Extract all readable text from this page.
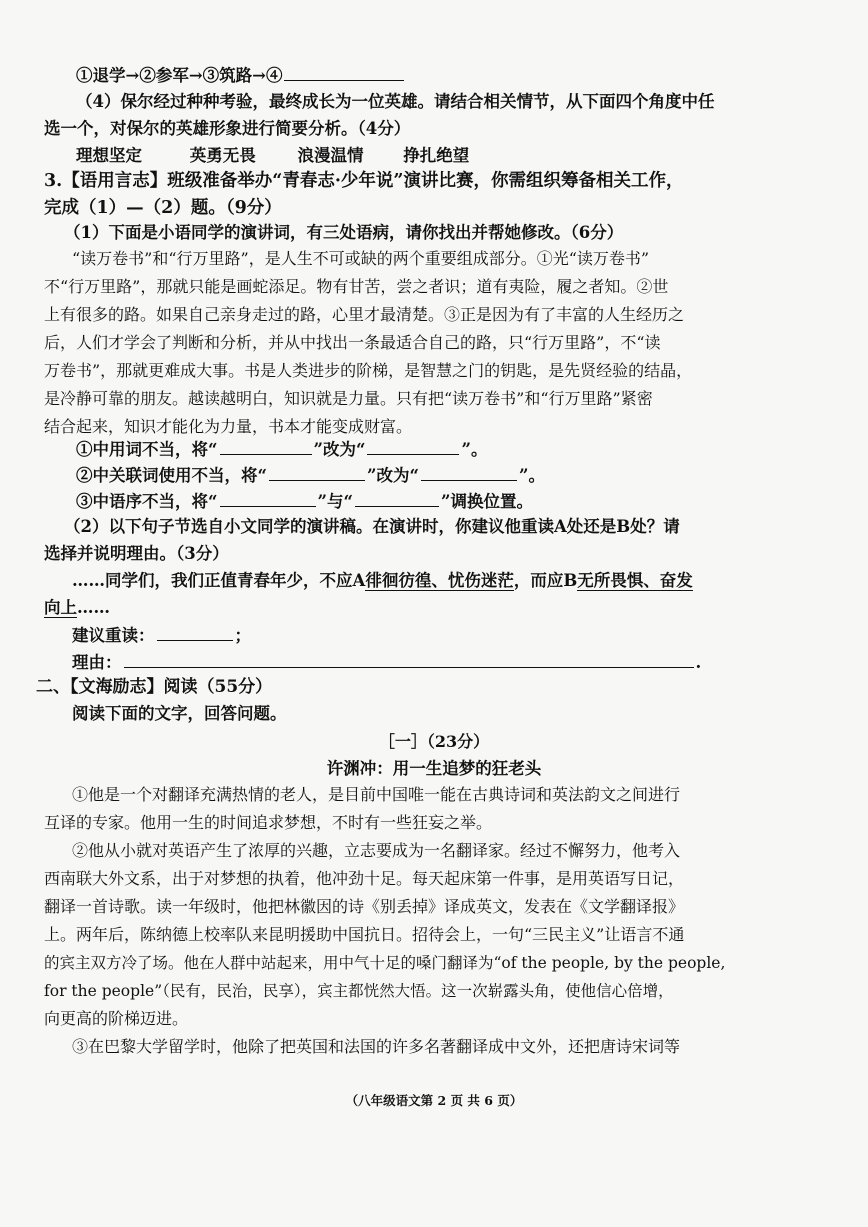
①退学→②参军→③筑路→④
（4）保尔经过种种考验，最终成长为一位英雄。请结合相关情节，从下面四个角度中任
选一个，对保尔的英雄形象进行简要分析。（4分）
理想坚定	英勇无畏	浪漫温情 挣扎绝望
3.【语用言志】班级准备举办“青春志·少年说”演讲比赛，你需组织筹备相关工作，
完成（1）—（2）题。（9分）
（1）下面是小语同学的演讲词，有三处语病，请你找出并帮她修改。（6分）
“读万卷书”和“行万里路”，是人生不可或缺的两个重要组成部分。①光“读万卷书”
不“行万里路”，那就只能是画蛇添足。物有甘苦，尝之者识；道有夷险，履之者知。②世
上有很多的路。如果自己亲身走过的路，心里才最清楚。③正是因为有了丰富的人生经历之
后，人们才学会了判断和分析，并从中找出一条最适合自己的路，只“行万里路”，不“读
万卷书”，那就更难成大事。书是人类进步的阶梯，是智慧之门的钥匙，是先贤经验的结晶，
是冷静可靠的朋友。越读越明白，知识就是力量。只有把“读万卷书”和“行万里路”紧密
结合起来，知识才能化为力量，书本才能变成财富。
①中用词不当，将“	”改为“	”。
②中关联词使用不当，将“	”改为“	”。
③中语序不当，将“	”与“	”调换位置。
（2）以下句子节选自小文同学的演讲稿。在演讲时，你建议他重读A处还是B处？请
选择并说明理由。（3分）
……同学们，我们正值青春年少，不应A徘徊彷徨、忧伤迷茫，而应B无所畏惧、奋发
向上……
建议重读：	；
理由：	.
二、【文海励志】阅读（55分）
阅读下面的文字，回答问题。
［一］（23分）
许渊冲：用一生追梦的狂老头
①他是一个对翻译充满热情的老人，是目前中国唯一能在古典诗词和英法韵文之间进行
互译的专家。他用一生的时间追求梦想，不时有一些狂妄之举。
②他从小就对英语产生了浓厚的兴趣，立志要成为一名翻译家。经过不懈努力，他考入
西南联大外文系，出于对梦想的执着，他冲劲十足。每天起床第一件事，是用英语写日记，
翻译一首诗歌。读一年级时，他把林徽因的诗《别丢掉》译成英文，发表在《文学翻译报》
上。两年后，陈纳德上校率队来昆明援助中国抗日。招待会上，一句“三民主义”让语言不通
的宾主双方冷了场。他在人群中站起来，用中气十足的嗓门翻译为“of the people, by the people,
for the people”（民有，民治，民享），宾主都恍然大悟。这一次崭露头角，使他信心倍增，
向更高的阶梯迈进。
③在巴黎大学留学时，他除了把英国和法国的许多名著翻译成中文外，还把唐诗宋词等
（八年级语文第 2 页 共 6 页）
